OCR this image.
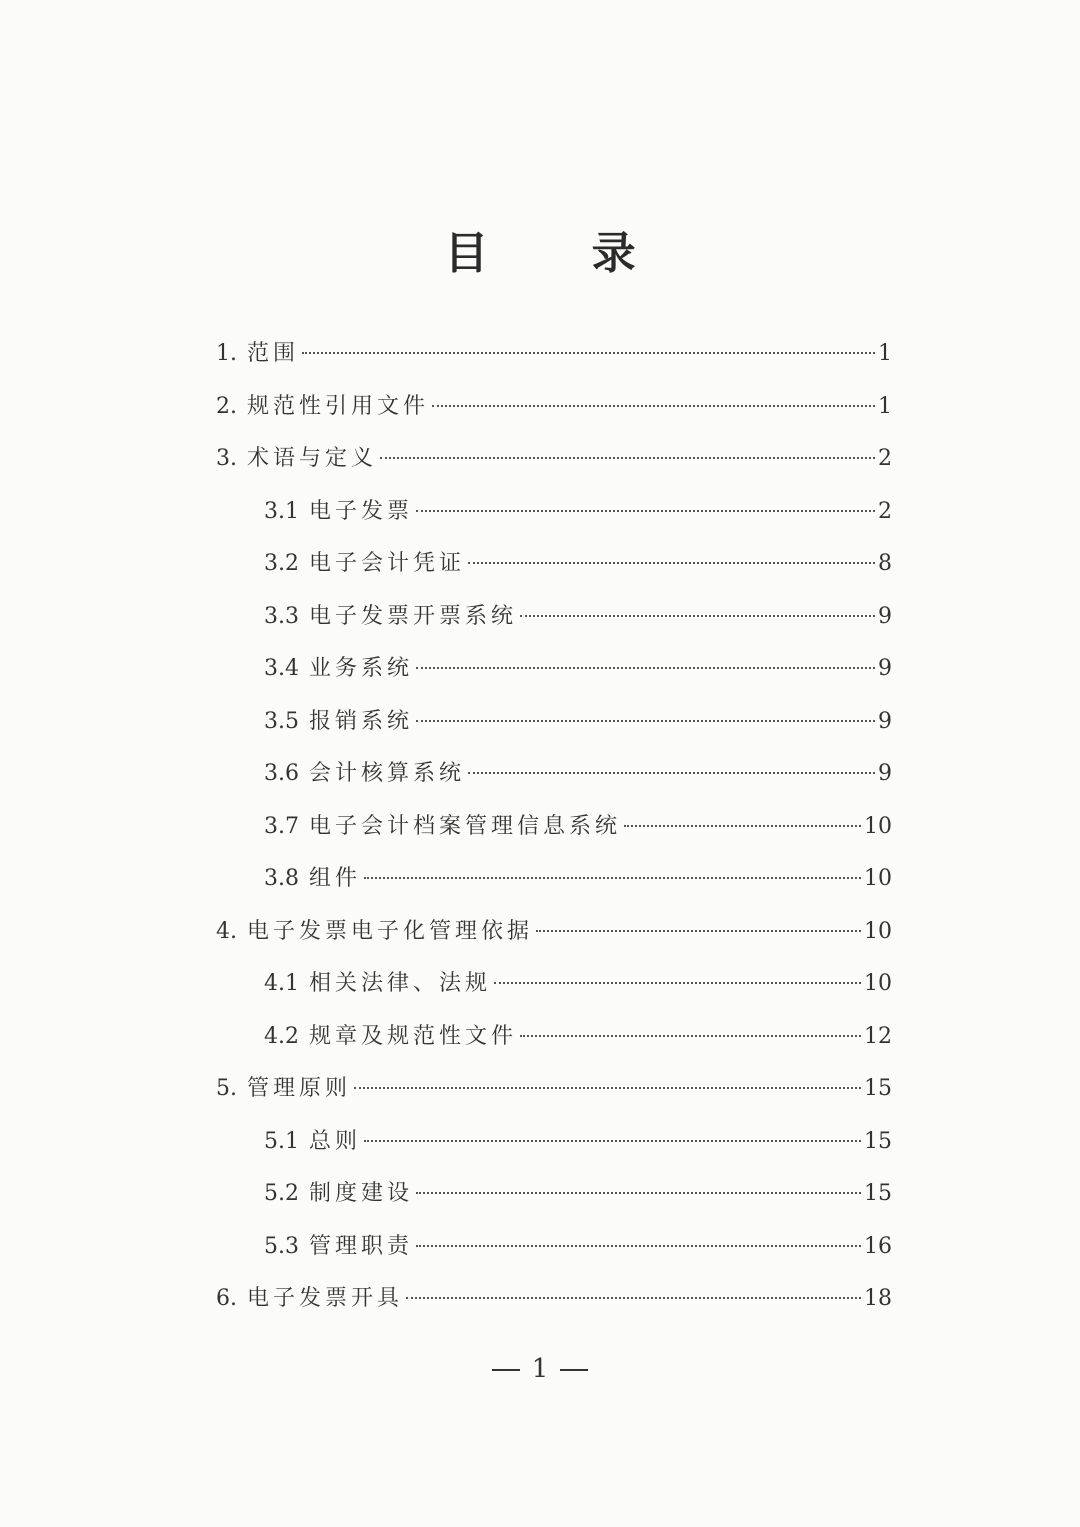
目 录
1. 范围	1
2. 规范性引用文件	1
3. 术语与定义	2
3.1 电子发票	2
3.2 电子会计凭证	8
3.3 电子发票开票系统	9
3.4 业务系统	9
3.5 报销系统	9
3.6 会计核算系统	9
3.7 电子会计档案管理信息系统	10
3.8 组件	10
4. 电子发票电子化管理依据	10
4.1 相关法律、法规	10
4.2 规章及规范性文件	12
5. 管理原则	15
5.1 总则	15
5.2 制度建设	15
5.3 管理职责	16
6. 电子发票开具	18
1
